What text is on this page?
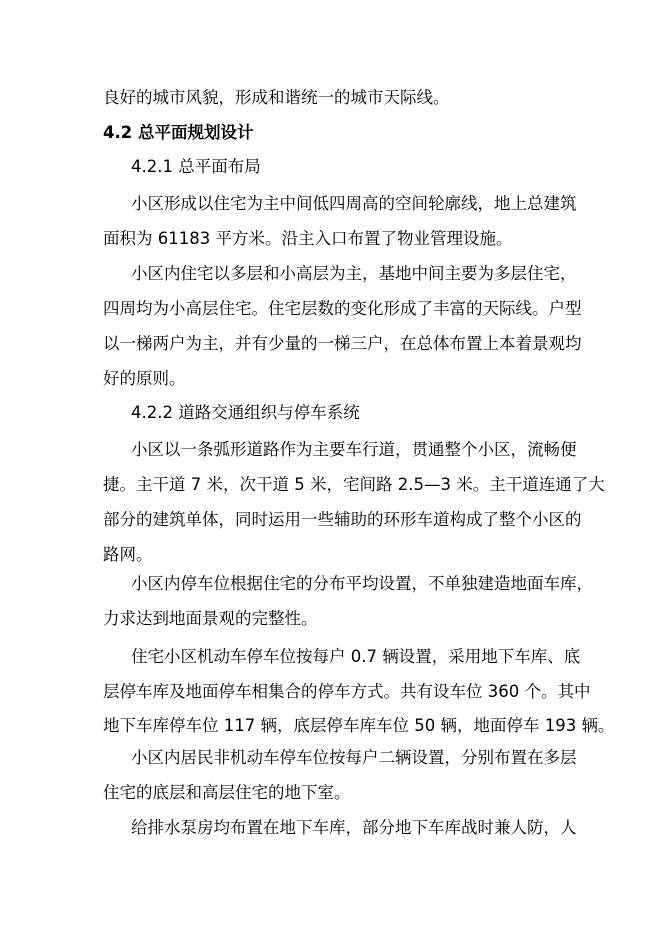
良好的城市风貌，形成和谐统一的城市天际线。
4.2 总平面规划设计
4.2.1 总平面布局
小区形成以住宅为主中间低四周高的空间轮廓线，地上总建筑
面积为 61183 平方米。沿主入口布置了物业管理设施。
小区内住宅以多层和小高层为主，基地中间主要为多层住宅，
四周均为小高层住宅。住宅层数的变化形成了丰富的天际线。户型
以一梯两户为主，并有少量的一梯三户，在总体布置上本着景观均
好的原则。
4.2.2 道路交通组织与停车系统
小区以一条弧形道路作为主要车行道，贯通整个小区，流畅便
捷。主干道 7 米，次干道 5 米，宅间路 2.5—3 米。主干道连通了大
部分的建筑单体，同时运用一些辅助的环形车道构成了整个小区的
路网。
小区内停车位根据住宅的分布平均设置，不单独建造地面车库，
力求达到地面景观的完整性。
住宅小区机动车停车位按每户 0.7 辆设置，采用地下车库、底
层停车库及地面停车相集合的停车方式。共有设车位 360 个。其中
地下车库停车位 117 辆，底层停车库车位 50 辆，地面停车 193 辆。
小区内居民非机动车停车位按每户二辆设置，分别布置在多层
住宅的底层和高层住宅的地下室。
给排水泵房均布置在地下车库，部分地下车库战时兼人防，人
